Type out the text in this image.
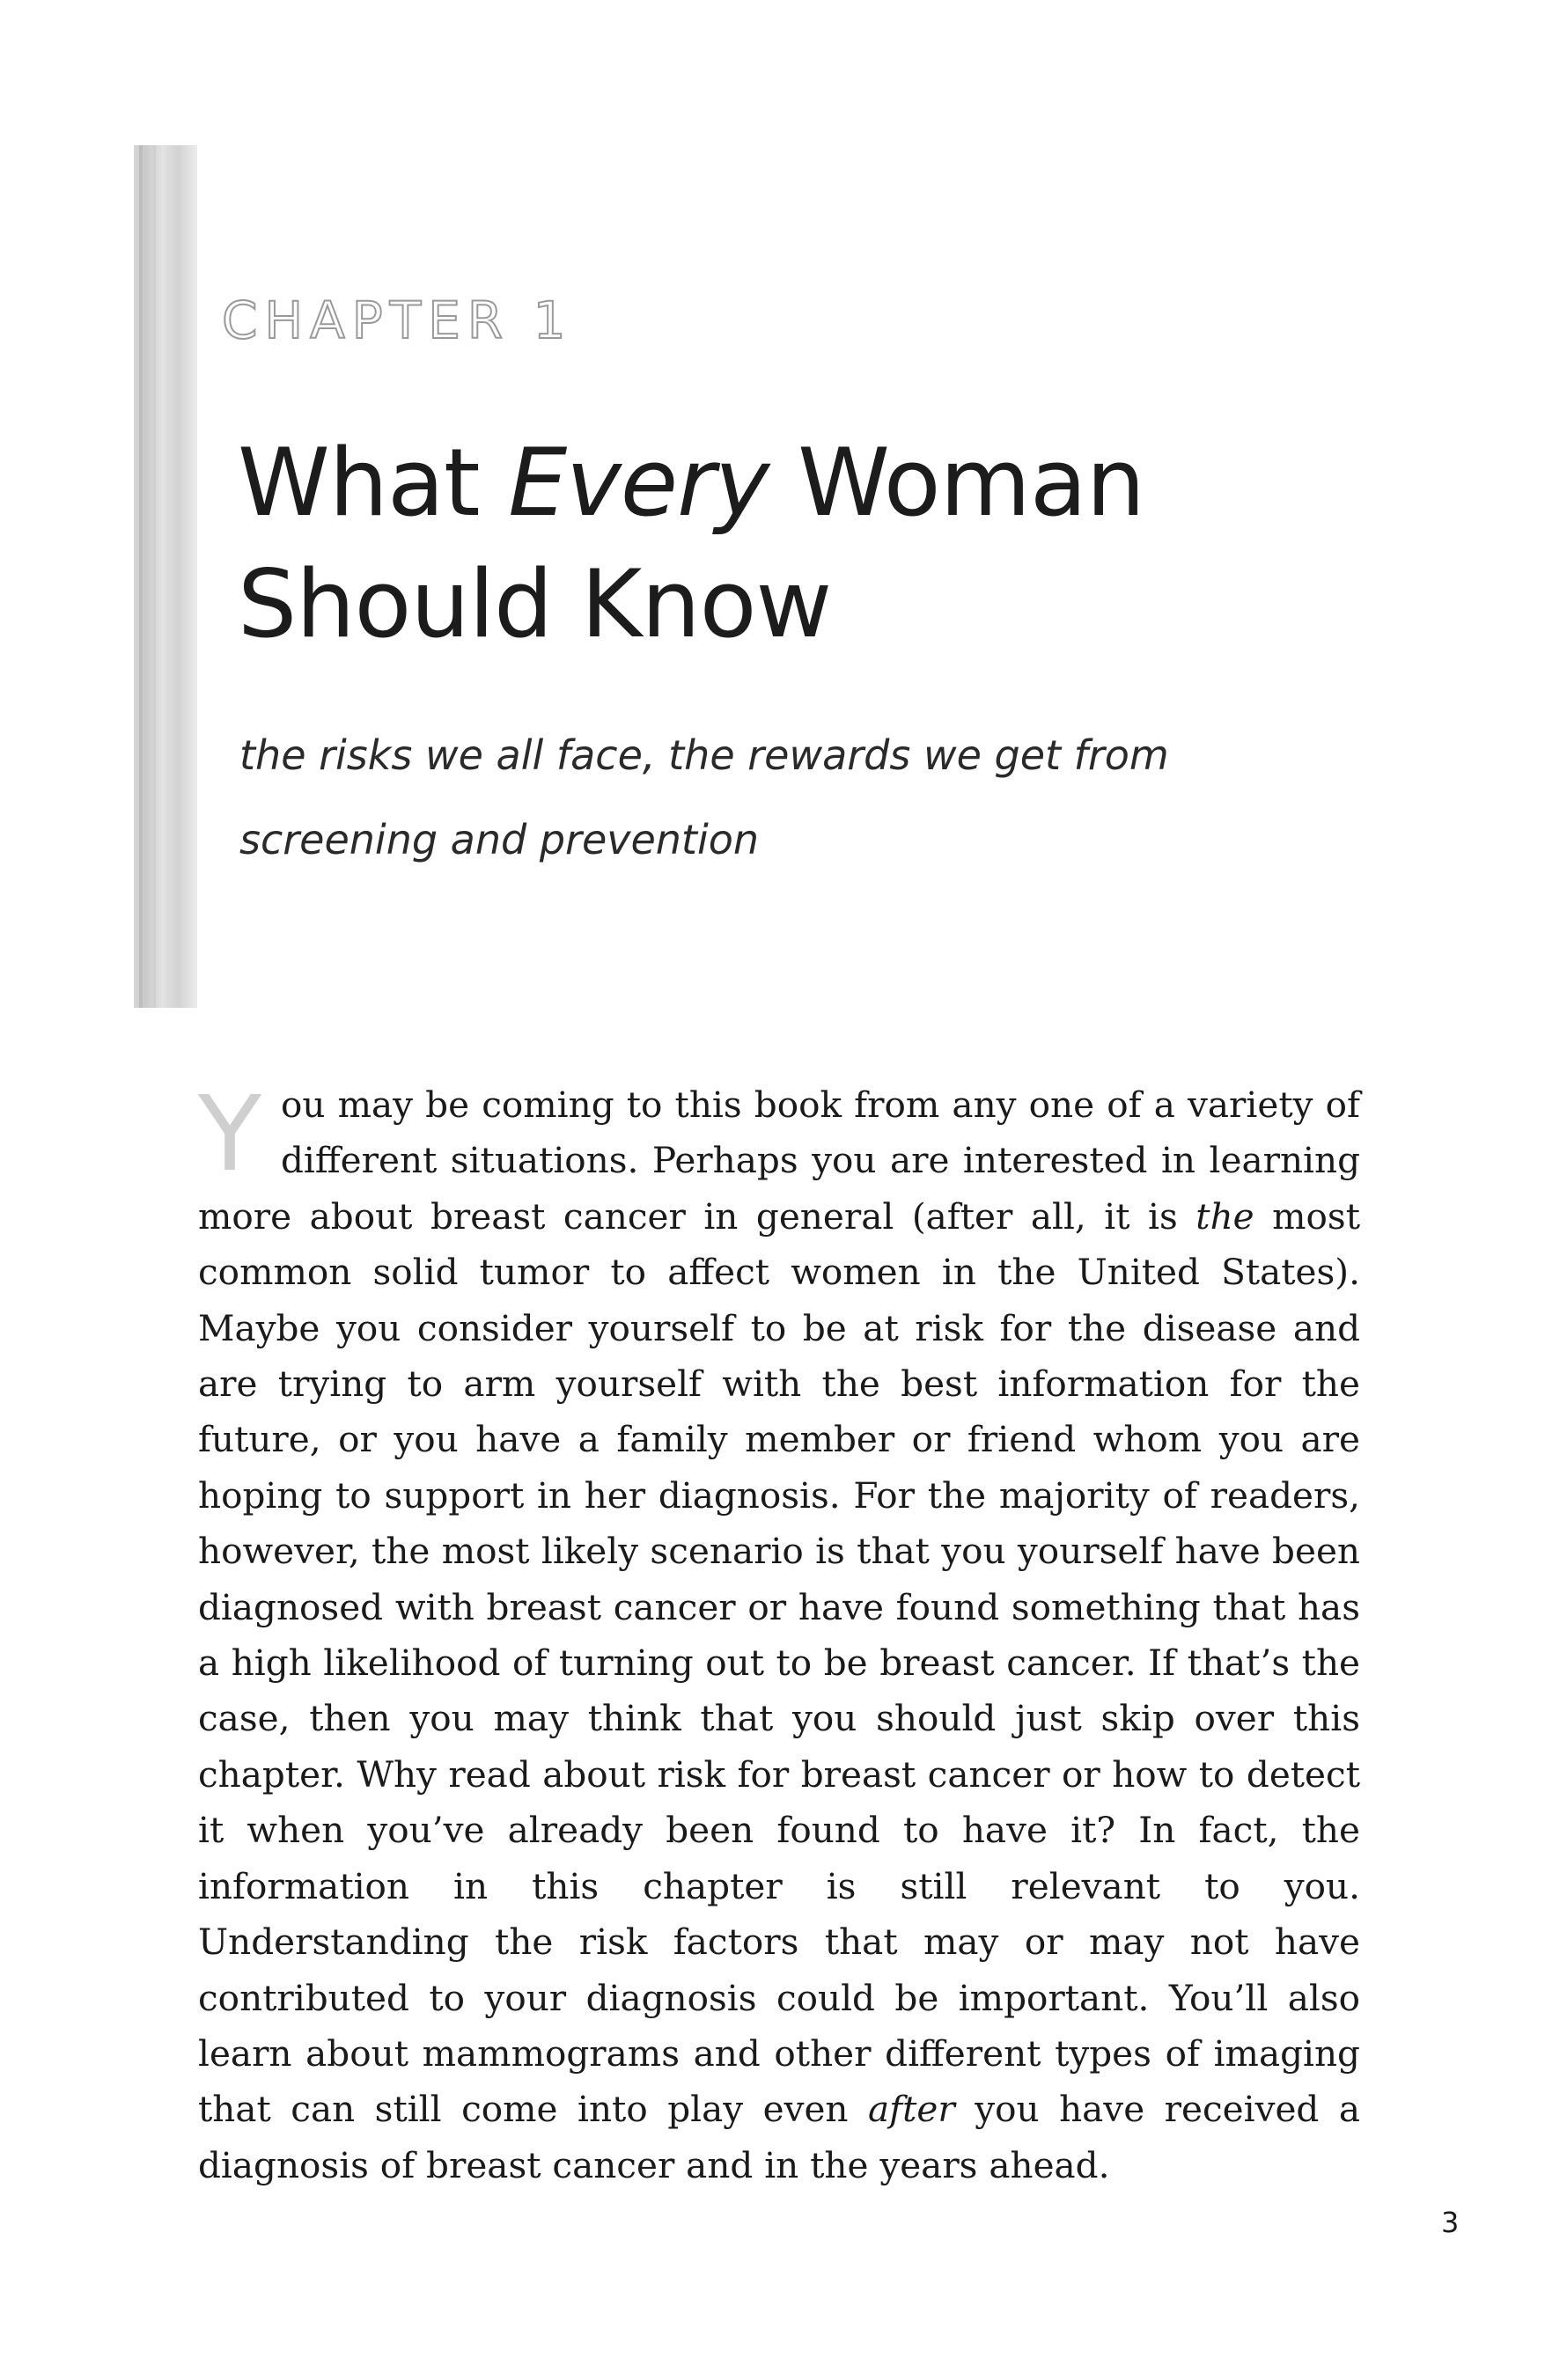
CHAPTER 1
What Every Woman Should Know

the risks we all face, the rewards we get from screening and prevention

You may be coming to this book from any one of a variety of different situations. Perhaps you are interested in learning more about breast cancer in general (after all, it is the most common solid tumor to affect women in the United States). Maybe you consider yourself to be at risk for the disease and are trying to arm yourself with the best information for the future, or you have a family member or friend whom you are hoping to support in her diagnosis. For the majority of readers, however, the most likely scenario is that you yourself have been diagnosed with breast cancer or have found something that has a high likelihood of turning out to be breast cancer. If that’s the case, then you may think that you should just skip over this chapter. Why read about risk for breast cancer or how to detect it when you’ve already been found to have it? In fact, the information in this chapter is still relevant to you. Understanding the risk factors that may or may not have contributed to your diagnosis could be important. You’ll also learn about mammograms and other different types of imaging that can still come into play even after you have received a diagnosis of breast cancer and in the years ahead.

3
